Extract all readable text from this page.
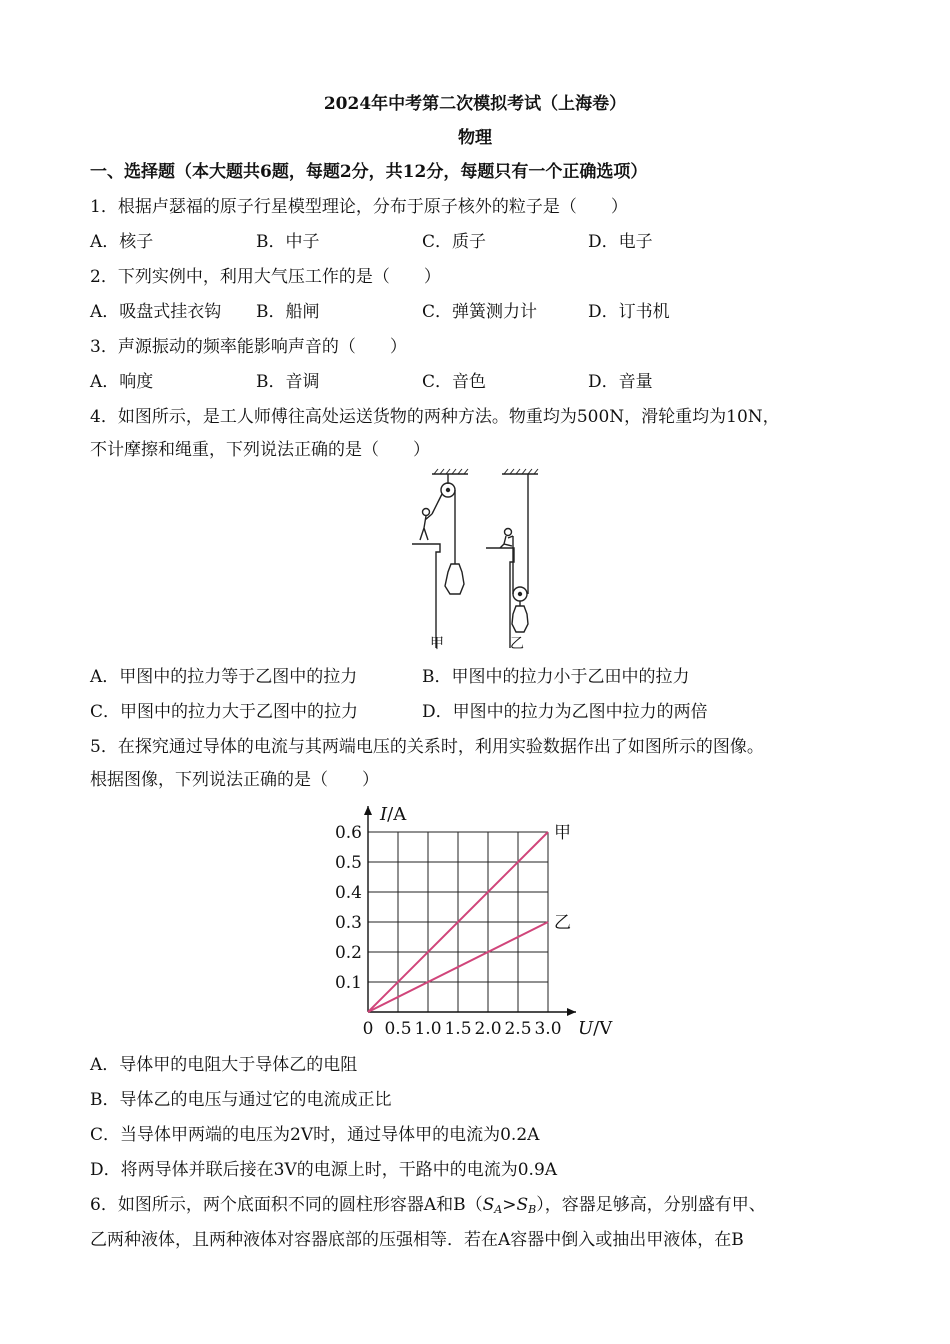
2024年中考第二次模拟考试（上海卷）
物理
一、选择题（本大题共6题，每题2分，共12分，每题只有一个正确选项）
1．根据卢瑟福的原子行星模型理论，分布于原子核外的粒子是（　　）
A．核子	B．中子	C．质子	D．电子
2．下列实例中，利用大气压工作的是（　　）
A．吸盘式挂衣钩 B．船闸	C．弹簧测力计	D．订书机
3．声源振动的频率能影响声音的（　　）
A．响度	B．音调	C．音色	D．音量
4．如图所示，是工人师傅往高处运送货物的两种方法。物重均为500N，滑轮重均为10N，
不计摩擦和绳重，下列说法正确的是（　　）
甲	乙
A．甲图中的拉力等于乙图中的拉力	B．甲图中的拉力小于乙田中的拉力
C．甲图中的拉力大于乙图中的拉力	D．甲图中的拉力为乙图中拉力的两倍
5．在探究通过导体的电流与其两端电压的关系时，利用实验数据作出了如图所示的图像。
根据图像，下列说法正确的是（　　）
0 0.5 1.0 1.5 2.0 2.5 3.0
0.1
0.2
0.3
0.4
0.5
0.6
I/A
U/V
甲
乙
A．导体甲的电阻大于导体乙的电阻
B．导体乙的电压与通过它的电流成正比
C．当导体甲两端的电压为2V时，通过导体甲的电流为0.2A
D．将两导体并联后接在3V的电源上时，干路中的电流为0.9A
6．如图所示，两个底面积不同的圆柱形容器A和$B(S_A>S_B)$，容器足够高，分别盛有甲、
乙两种液体，且两种液体对容器底部的压强相等．若在A容器中倒入或抽出甲液体，在B
